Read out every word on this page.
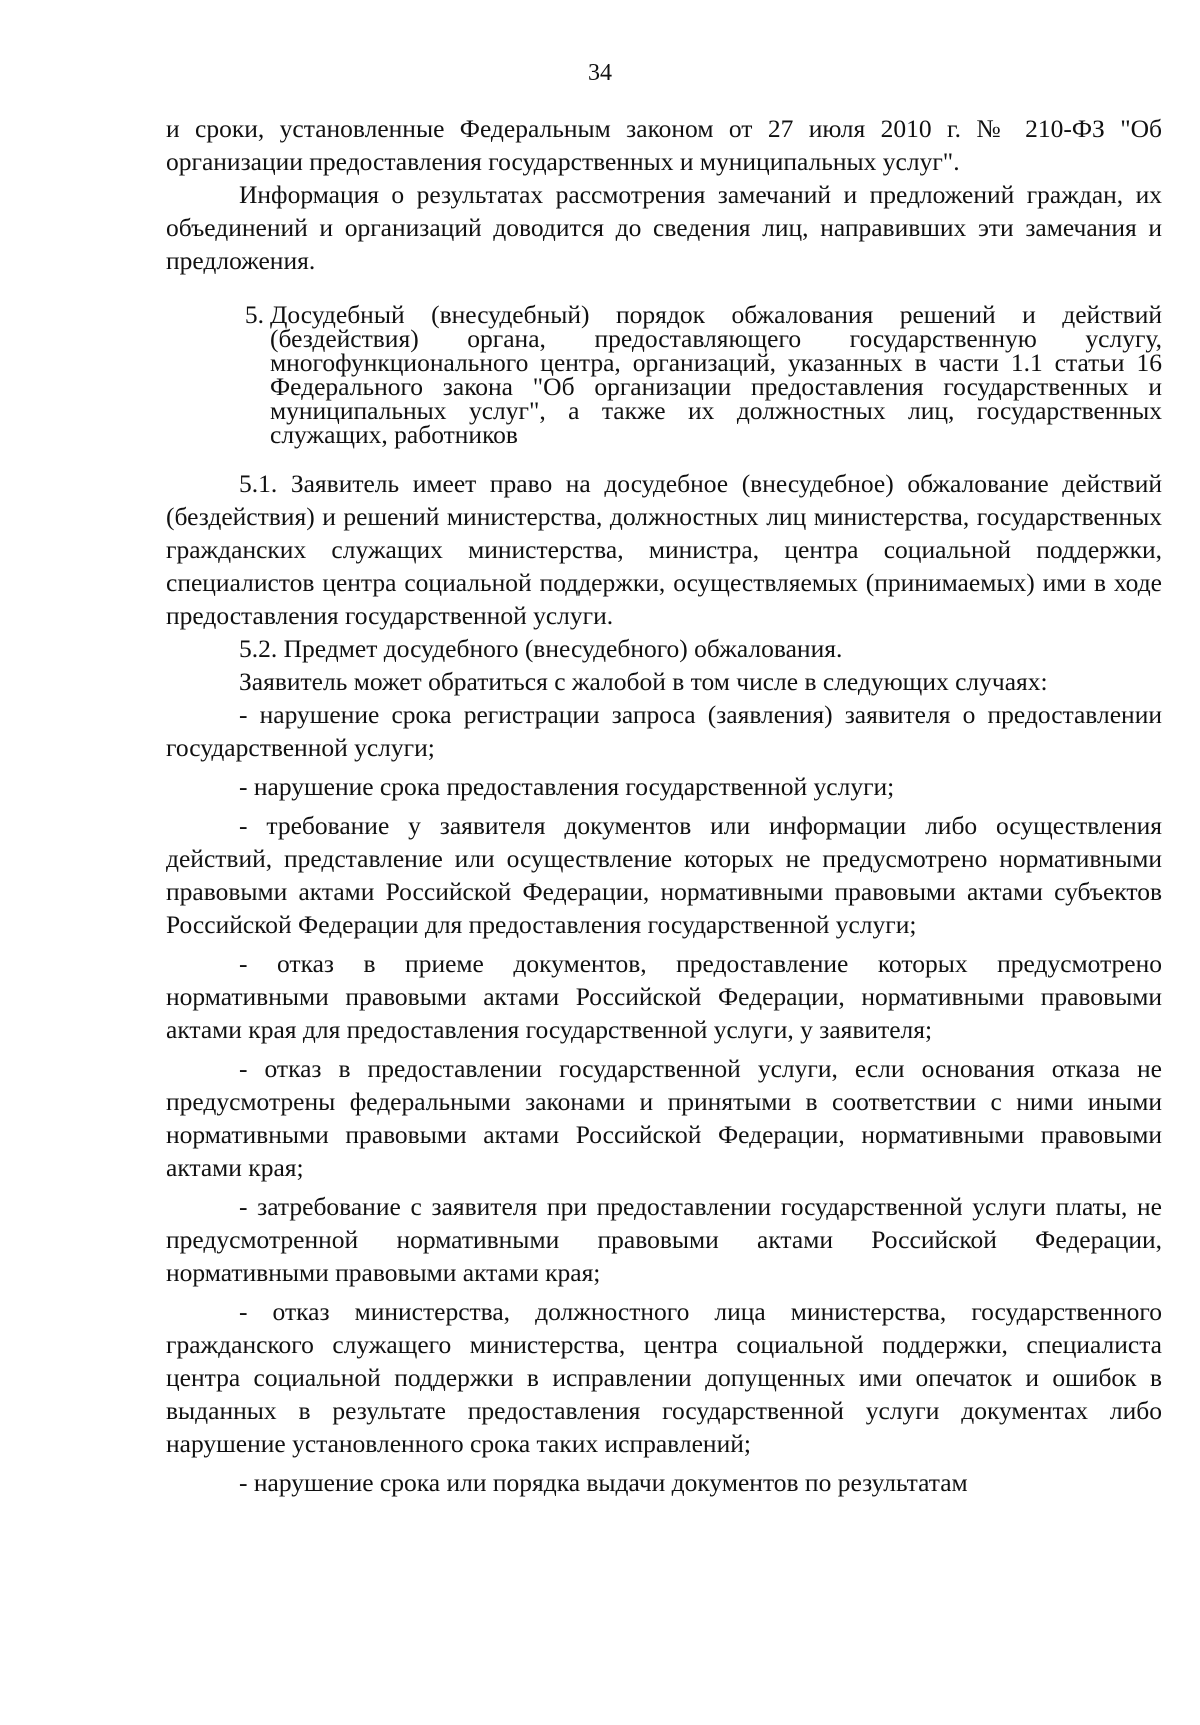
34

и сроки, установленные Федеральным законом от 27 июля 2010 г. № 210-ФЗ "Об организации предоставления государственных и муниципальных услуг".

Информация о результатах рассмотрения замечаний и предложений граждан, их объединений и организаций доводится до сведения лиц, направивших эти замечания и предложения.

5. Досудебный (внесудебный) порядок обжалования решений и действий (бездействия) органа, предоставляющего государственную услугу, многофункционального центра, организаций, указанных в части 1.1 статьи 16 Федерального закона "Об организации предоставления государственных и муниципальных услуг", а также их должностных лиц, государственных служащих, работников

5.1. Заявитель имеет право на досудебное (внесудебное) обжалование действий (бездействия) и решений министерства, должностных лиц министерства, государственных гражданских служащих министерства, министра, центра социальной поддержки, специалистов центра социальной поддержки, осуществляемых (принимаемых) ими в ходе предоставления государственной услуги.

5.2. Предмет досудебного (внесудебного) обжалования.

Заявитель может обратиться с жалобой в том числе в следующих случаях:

- нарушение срока регистрации запроса (заявления) заявителя о предоставлении государственной услуги;

- нарушение срока предоставления государственной услуги;

- требование у заявителя документов или информации либо осуществления действий, представление или осуществление которых не предусмотрено нормативными правовыми актами Российской Федерации, нормативными правовыми актами субъектов Российской Федерации для предоставления государственной услуги;

- отказ в приеме документов, предоставление которых предусмотрено нормативными правовыми актами Российской Федерации, нормативными правовыми актами края для предоставления государственной услуги, у заявителя;

- отказ в предоставлении государственной услуги, если основания отказа не предусмотрены федеральными законами и принятыми в соответствии с ними иными нормативными правовыми актами Российской Федерации, нормативными правовыми актами края;

- затребование с заявителя при предоставлении государственной услуги платы, не предусмотренной нормативными правовыми актами Российской Федерации, нормативными правовыми актами края;

- отказ министерства, должностного лица министерства, государственного гражданского служащего министерства, центра социальной поддержки, специалиста центра социальной поддержки в исправлении допущенных ими опечаток и ошибок в выданных в результате предоставления государственной услуги документах либо нарушение установленного срока таких исправлений;

- нарушение срока или порядка выдачи документов по результатам
